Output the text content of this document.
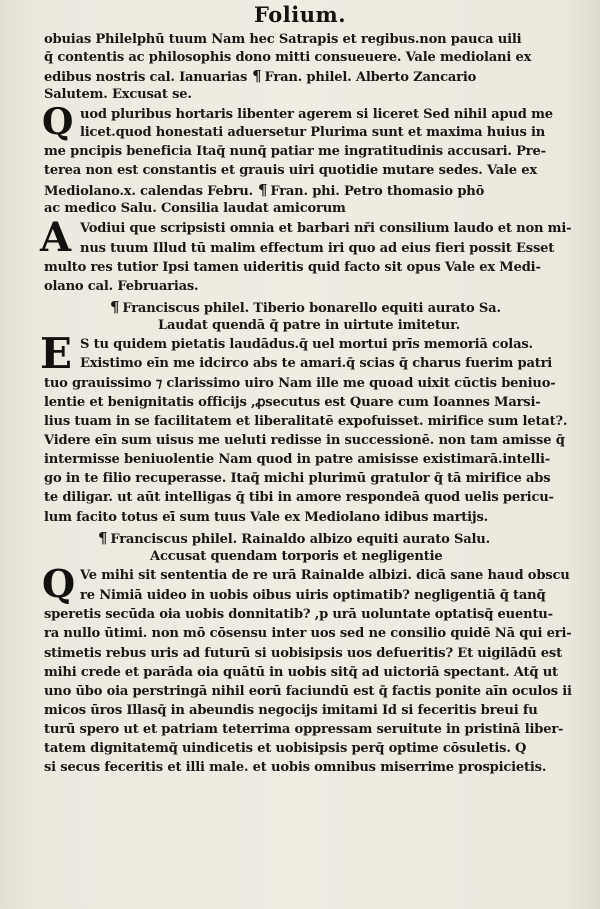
Folium.
obuias Philelphū tuum Nam hec Satrapis et regibus.non pauca uili
q̄ contentis ac philosophis dono mitti consueuere. Vale mediolani ex
edibus nostris cal. Ianuarias ¶ Fran. philel. Alberto Zancario
Salutem. Excusat se.
uod pluribus hortaris libenter agerem si liceret Sed nihil apud me
licet.quod honestati aduersetur Plurima sunt et maxima huius in
me pncipis beneficia Itaq̄ nunq̄ patiar me ingratitudinis accusari. Pre-
terea non est constantis et grauis uiri quotidie mutare sedes. Vale ex
Mediolano.x. calendas Febru. ¶ Fran. phi. Petro thomasio phō
ac medico Salu. Consilia laudat amicorum
Vodiui que scripsisti omnia et barbari nr̄i consilium laudo et non mi-
nus tuum Illud tū malim effectum iri quo ad eius fieri possit Esset
multo res tutior Ipsi tamen uideritis quid facto sit opus Vale ex Medi-
olano cal. Februarias.
¶ Franciscus philel. Tiberio bonarello equiti aurato Sa.
Laudat quendā q̄ patre in uirtute imitetur.
S tu quidem pietatis laudādus.q̄ uel mortui prīs memoriā colas.
Existimo eīn me idcirco abs te amari.q̄ scias q̄ charus fuerim patri
tuo grauissimo ⁊ clarissimo uiro Nam ille me quoad uixit cūctis beniuo-
lentie et benignitatis officijs ,ꝓsecutus est Quare cum Ioannes Marsi-
lius tuam in se facilitatem et liberalitatē expofuisset. mirifice sum letat?.
Videre eīn sum uisus me ueluti redisse in successionē. non tam amisse q̄
intermisse beniuolentie Nam quod in patre amisisse existimarā.intelli-
go in te filio recuperasse. Itaq̄ michi plurimū gratulor q̄ tā mirifice abs
te diligar. ut aūt intelligas q̄ tibi in amore respondeā quod uelis pericu-
lum facito totus eī̄ sum tuus Vale ex Mediolano idibus martijs.
¶ Franciscus philel. Rainaldo albizo equiti aurato Salu.
Accusat quendam torporis et negligentie
Ve mihi sit sententia de re urā Rainalde albizi. dicā sane haud obscu
re Nimiā uideo in uobis oibus uiris optimatib? negligentiā q̄ tanq̄
speretis secūda oia uobis donnitatib? ,p urā uoluntate optatisq̄ euentu-
ra nullo ūtimi. non mō cōsensu inter uos sed ne consilio quidē Nā qui eri-
stimetis rebus uris ad futurū si uobisipsis uos defueritis? Et uigilādū est
mihi crede et parāda oia quātū in uobis sitq̄ ad uictoriā spectant. Atq̄ ut
uno ūbo oia perstringā nihil eorū faciundū est q̄ factis ponite aīn oculos ii
micos ūros Illasq̄ in abeundis negocijs imitami Id si feceritis breui fu
turū spero ut et patriam teterrima oppressam seruitute in pristinā liber-
tatem dignitatemq̄ uindicetis et uobisipsis perq̄ optime cōsuletis. Q
si secus feceritis et illi male. et uobis omnibus miserrime prospicietis.
Q
A
E
Q
